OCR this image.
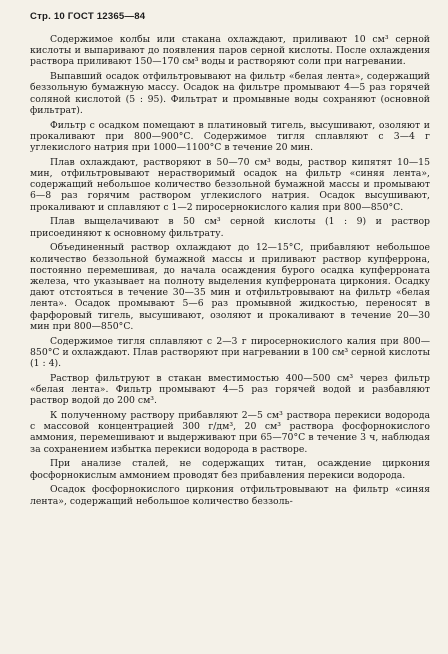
Стр. 10 ГОСТ 12365—84

Содержимое колбы или стакана охлаждают, приливают 10 см³ серной кислоты и выпаривают до появления паров серной кислоты. После охлаждения раствора приливают 150—170 см³ воды и растворяют соли при нагревании.

Выпавший осадок отфильтровывают на фильтр «белая лента», содержащий беззольную бумажную массу. Осадок на фильтре промывают 4—5 раз горячей соляной кислотой (5 : 95). Фильтрат и промывные воды сохраняют (основной фильтрат).

Фильтр с осадком помещают в платиновый тигель, высушивают, озоляют и прокаливают при 800—900°С. Содержимое тигля сплавляют с 3—4 г углекислого натрия при 1000—1100°С в течение 20 мин.

Плав охлаждают, растворяют в 50—70 см³ воды, раствор кипятят 10—15 мин, отфильтровывают нерастворимый осадок на фильтр «синяя лента», содержащий небольшое количество беззольной бумажной массы и промывают 6—8 раз горячим раствором углекислого натрия. Осадок высушивают, прокаливают и сплавляют с 1—2 пиросернокислого калия при 800—850°С.

Плав выщелачивают в 50 см³ серной кислоты (1 : 9) и раствор присоединяют к основному фильтрату.

Объединенный раствор охлаждают до 12—15°С, прибавляют небольшое количество беззольной бумажной массы и приливают раствор купферрона, постоянно перемешивая, до начала осаждения бурого осадка купферроната железа, что указывает на полноту выделения купферроната циркония. Осадку дают отстояться в течение 30—35 мин и отфильтровывают на фильтр «белая лента». Осадок промывают 5—6 раз промывной жидкостью, переносят в фарфоровый тигель, высушивают, озоляют и прокаливают в течение 20—30 мин при 800—850°С.

Содержимое тигля сплавляют с 2—3 г пиросернокислого калия при 800—850°С и охлаждают. Плав растворяют при нагревании в 100 см³ серной кислоты (1 : 4).

Раствор фильтруют в стакан вместимостью 400—500 см³ через фильтр «белая лента». Фильтр промывают 4—5 раз горячей водой и разбавляют раствор водой до 200 см³.

К полученному раствору прибавляют 2—5 см³ раствора перекиси водорода с массовой концентрацией 300 г/дм³, 20 см³ раствора фосфорнокислого аммония, перемешивают и выдерживают при 65—70°С в течение 3 ч, наблюдая за сохранением избытка перекиси водорода в растворе.

При анализе сталей, не содержащих титан, осаждение циркония фосфорнокислым аммонием проводят без прибавления перекиси водорода.

Осадок фосфорнокислого циркония отфильтровывают на фильтр «синяя лента», содержащий небольшое количество беззоль-
